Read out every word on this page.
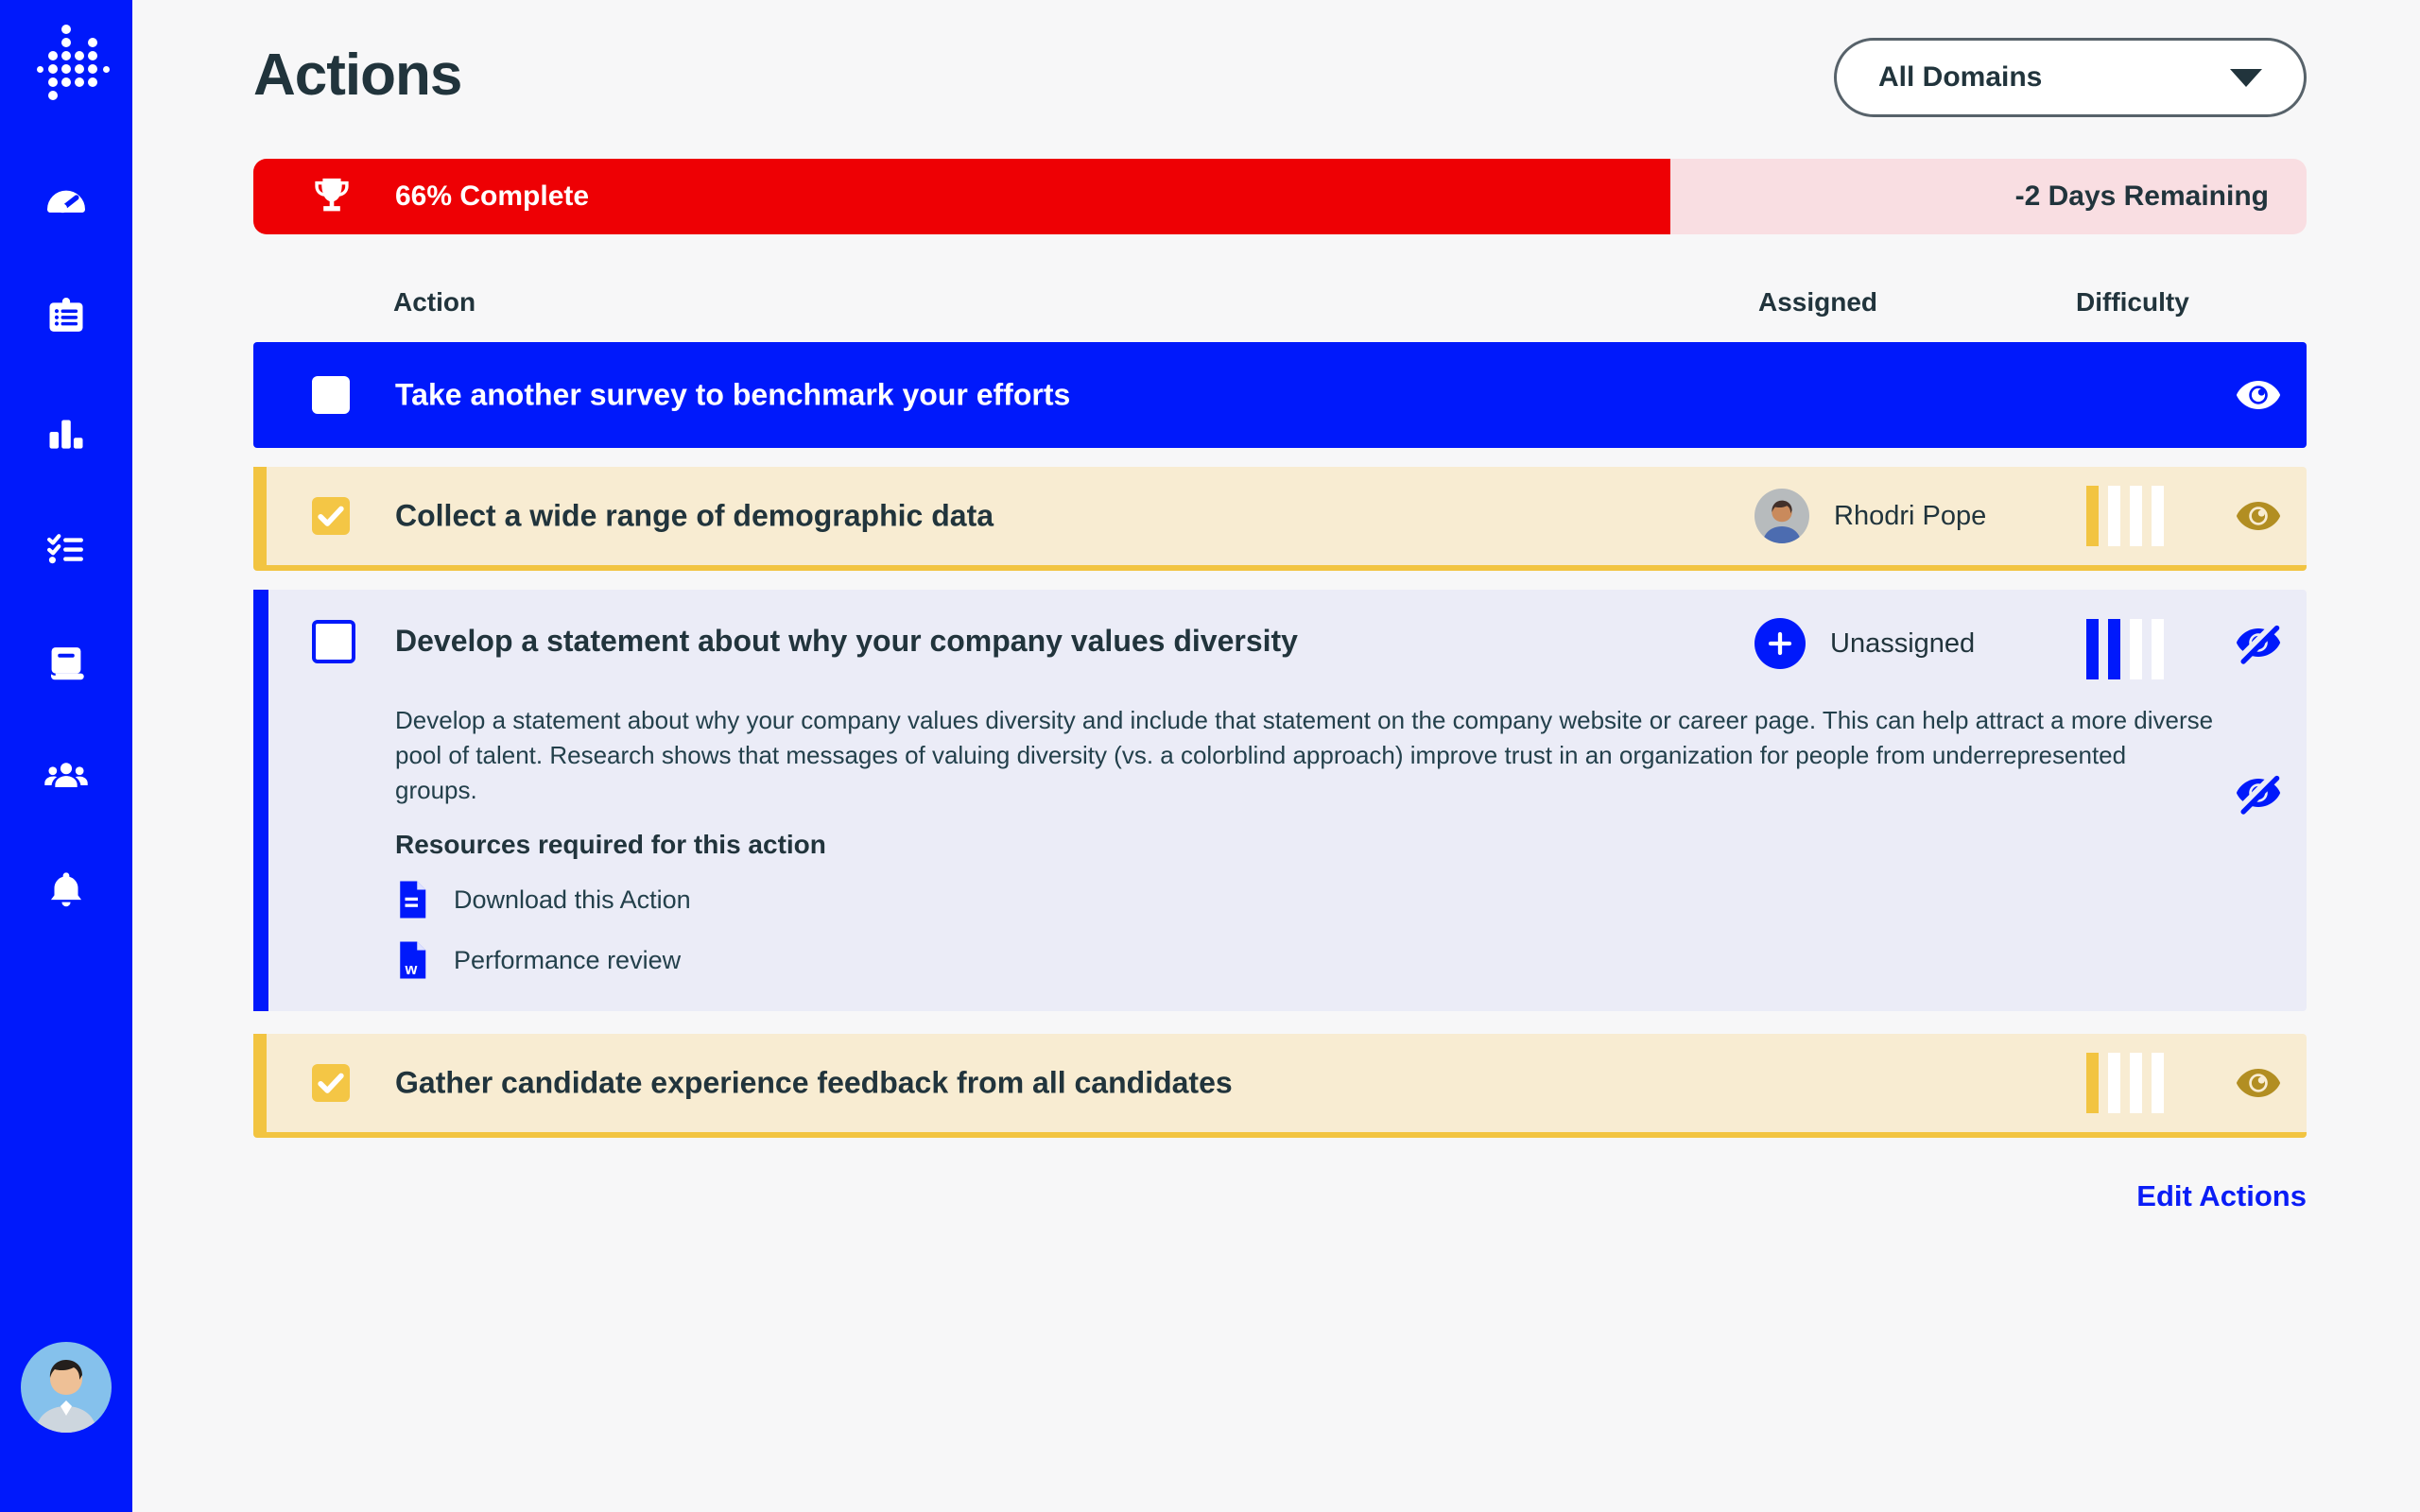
Actions	All Domains
66% Complete	-2 Days Remaining
Action	Assigned	Difficulty
Take another survey to benchmark your efforts
Collect a wide range of demographic data	Rhodri Pope
Develop a statement about why your company values diversity	Unassigned
Develop a statement about why your company values diversity and include that statement on the company website or career page. This can help attract a more diverse pool of talent. Research shows that messages of valuing diversity (vs. a colorblind approach) improve trust in an organization for people from underrepresented groups.
Resources required for this action
Download this Action
w Performance review
Gather candidate experience feedback from all candidates
Edit Actions
